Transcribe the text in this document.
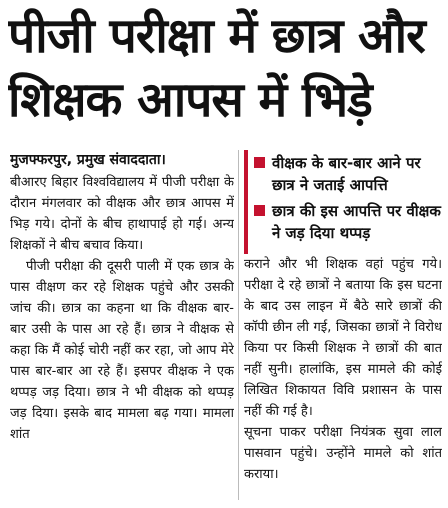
पीजी परीक्षा में छात्र और
शिक्षक आपस में भिड़े
मुजफ्फरपुर, प्रमुख संवाददाता।

बीआरए बिहार विश्वविद्यालय में पीजी परीक्षा के दौरान मंगलवार को वीक्षक और छात्र आपस में भिड़ गये। दोनों के बीच हाथापाई हो गई। अन्य शिक्षकों ने बीच बचाव किया।

पीजी परीक्षा की दूसरी पाली में एक छात्र के पास वीक्षण कर रहे शिक्षक पहुंचे और उसकी जांच की। छात्र का कहना था कि वीक्षक बार-बार उसी के पास आ रहे हैं। छात्र ने वीक्षक से कहा कि मैं कोई चोरी नहीं कर रहा, जो आप मेरे पास बार-बार आ रहे हैं। इसपर वीक्षक ने एक थप्पड़ जड़ दिया। छात्र ने भी वीक्षक को थप्पड़ जड़ दिया। इसके बाद मामला बढ़ गया। मामला शांत

वीक्षक के बार-बार आने पर छात्र ने जताई आपत्ति
छात्र की इस आपत्ति पर वीक्षक ने जड़ दिया थप्पड़

कराने और भी शिक्षक वहां पहुंच गये। परीक्षा दे रहे छात्रों ने बताया कि इस घटना के बाद उस लाइन में बैठे सारे छात्रों की कॉपी छीन ली गई, जिसका छात्रों ने विरोध किया पर किसी शिक्षक ने छात्रों की बात नहीं सुनी। हालांकि, इस मामले की कोई लिखित शिकायत विवि प्रशासन के पास नहीं की गई है।

सूचना पाकर परीक्षा नियंत्रक सुवा लाल पासवान पहुंचे। उन्होंने मामले को शांत कराया।
